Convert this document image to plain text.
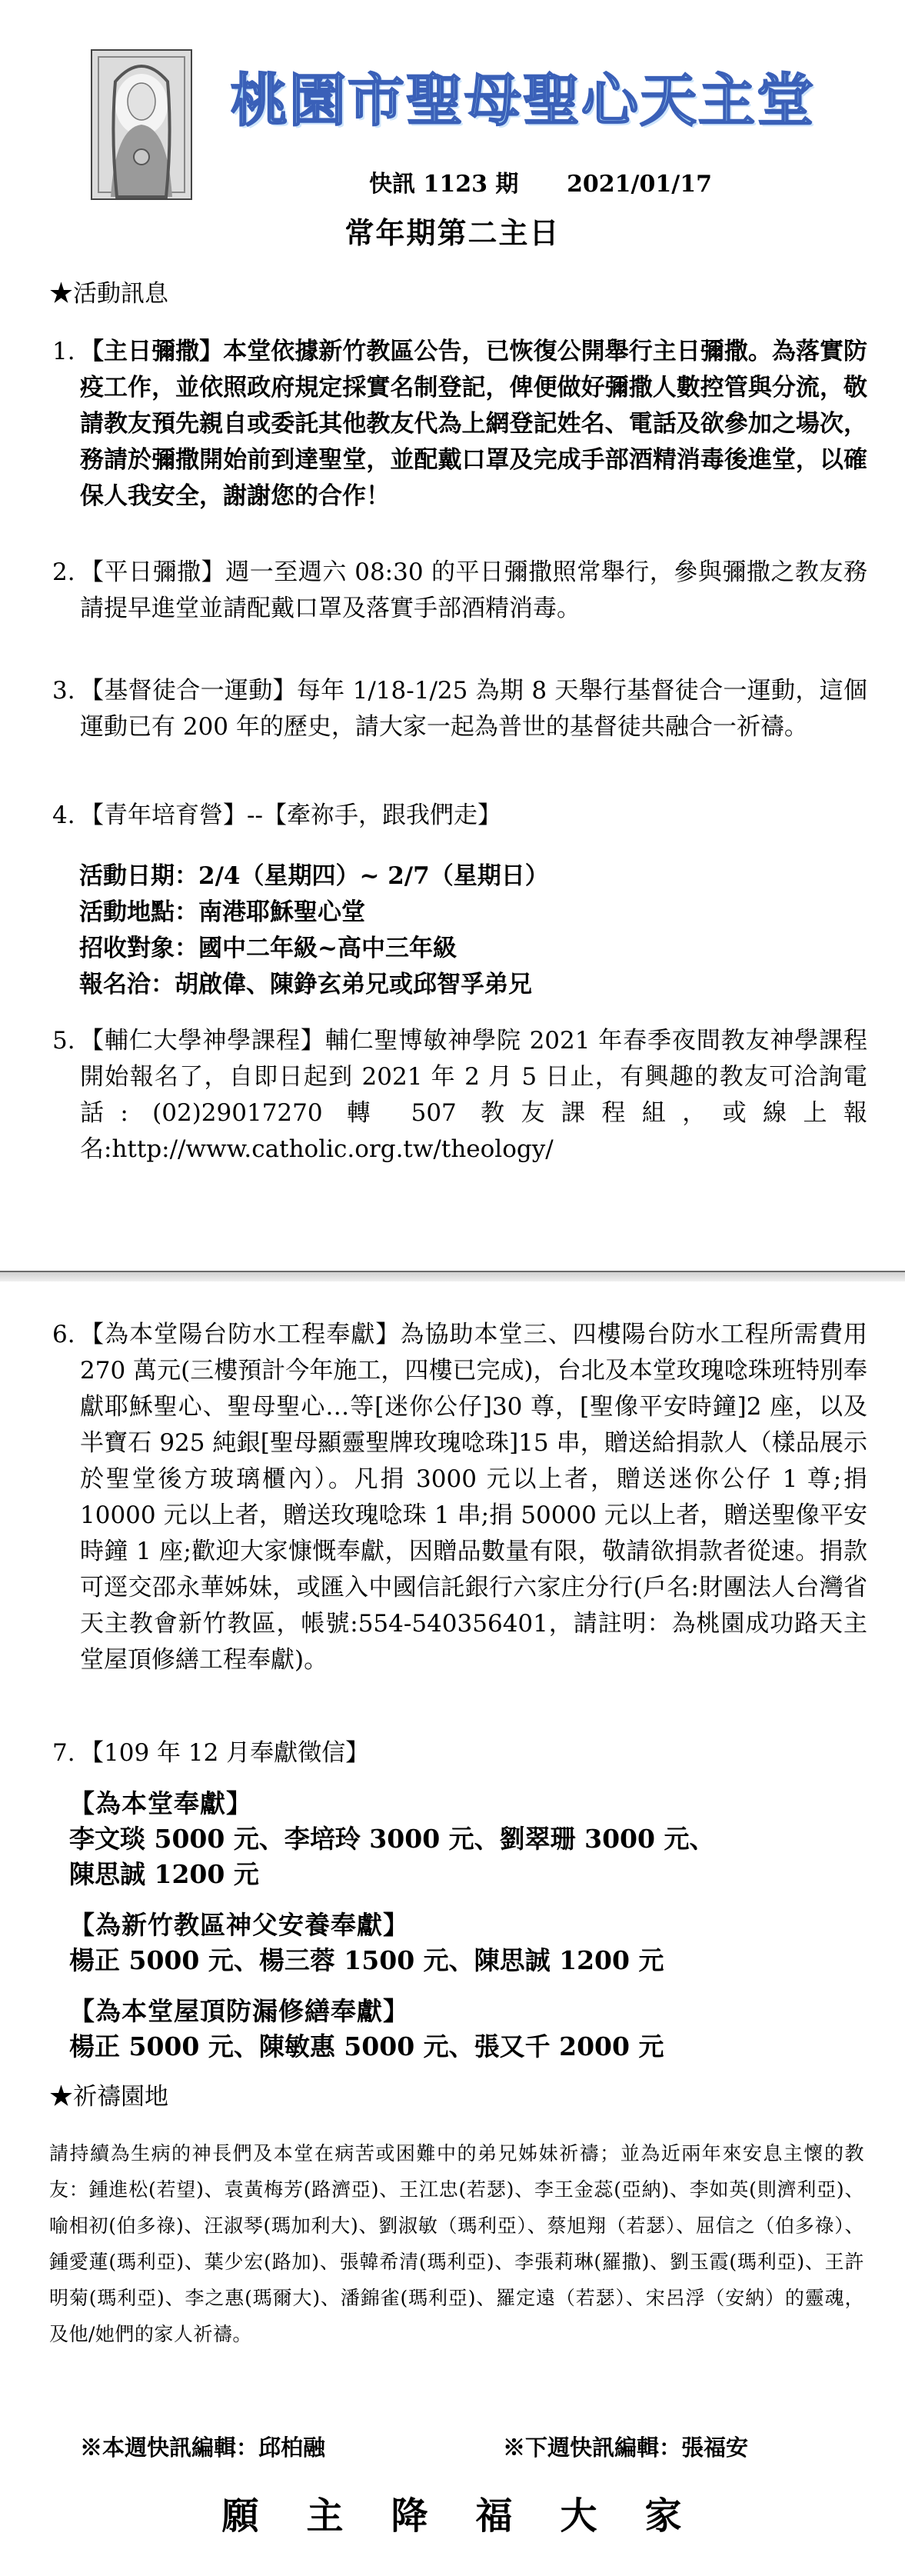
桃園市聖母聖心天主堂
快訊 1123 期 2021/01/17
常年期第二主日
★活動訊息
1. 【主日彌撒】本堂依據新竹教區公告，已恢復公開舉行主日彌撒。為落實防疫工作，並依照政府規定採實名制登記，俾便做好彌撒人數控管與分流，敬請教友預先親自或委託其他教友代為上網登記姓名、電話及欲參加之場次，務請於彌撒開始前到達聖堂，並配戴口罩及完成手部酒精消毒後進堂，以確保人我安全，謝謝您的合作！
2. 【平日彌撒】週一至週六 08:30 的平日彌撒照常舉行，參與彌撒之教友務請提早進堂並請配戴口罩及落實手部酒精消毒。
3. 【基督徒合一運動】每年 1/18-1/25 為期 8 天舉行基督徒合一運動，這個運動已有 200 年的歷史，請大家一起為普世的基督徒共融合一祈禱。
4. 【青年培育營】--【牽祢手，跟我們走】
活動日期：2/4（星期四）~ 2/7（星期日）
活動地點：南港耶穌聖心堂
招收對象：國中二年級~高中三年級
報名洽：胡啟偉、陳錚玄弟兄或邱智孚弟兄
5. 【輔仁大學神學課程】輔仁聖博敏神學院 2021 年春季夜間教友神學課程開始報名了，自即日起到 2021 年 2 月 5 日止，有興趣的教友可洽詢電話: (02)29017270 轉 507 教友課程組，或線上報名:http://www.catholic.org.tw/theology/
6. 【為本堂陽台防水工程奉獻】為協助本堂三、四樓陽台防水工程所需費用 270 萬元(三樓預計今年施工，四樓已完成)，台北及本堂玫瑰唸珠班特別奉獻耶穌聖心、聖母聖心…等[迷你公仔]30 尊，[聖像平安時鐘]2 座，以及半寶石 925 純銀[聖母顯靈聖牌玫瑰唸珠]15 串，贈送給捐款人（樣品展示於聖堂後方玻璃櫃內）。凡捐 3000 元以上者，贈送迷你公仔 1 尊;捐 10000 元以上者，贈送玫瑰唸珠 1 串;捐 50000 元以上者，贈送聖像平安時鐘 1 座;歡迎大家慷慨奉獻，因贈品數量有限，敬請欲捐款者從速。捐款可逕交邵永華姊妹，或匯入中國信託銀行六家庄分行(戶名:財團法人台灣省天主教會新竹教區，帳號:554-540356401，請註明：為桃園成功路天主堂屋頂修繕工程奉獻)。
7. 【109 年 12 月奉獻徵信】
【為本堂奉獻】
李文琰 5000 元、李培玲 3000 元、劉翠珊 3000 元、
陳思誠 1200 元
【為新竹教區神父安養奉獻】
楊正 5000 元、楊三蓉 1500 元、陳思誠 1200 元
【為本堂屋頂防漏修繕奉獻】
楊正 5000 元、陳敏惠 5000 元、張又千 2000 元
★祈禱園地
請持續為生病的神長們及本堂在病苦或困難中的弟兄姊妹祈禱；並為近兩年來安息主懷的教友：鍾進松(若望)、袁黃梅芳(路濟亞)、王江忠(若瑟)、李王金蕊(亞納)、李如英(則濟利亞)、喻相初(伯多祿)、汪淑琴(瑪加利大)、劉淑敏（瑪利亞）、蔡旭翔（若瑟）、屈信之（伯多祿）、鍾愛蓮(瑪利亞)、葉少宏(路加)、張韓希清(瑪利亞)、李張莉琳(羅撒)、劉玉霞(瑪利亞)、王許明菊(瑪利亞)、李之惠(瑪爾大)、潘錦雀(瑪利亞)、羅定遠（若瑟）、宋呂浮（安納）的靈魂，及他/她們的家人祈禱。
※本週快訊編輯：邱柏融	※下週快訊編輯：張福安
願主降福大家
